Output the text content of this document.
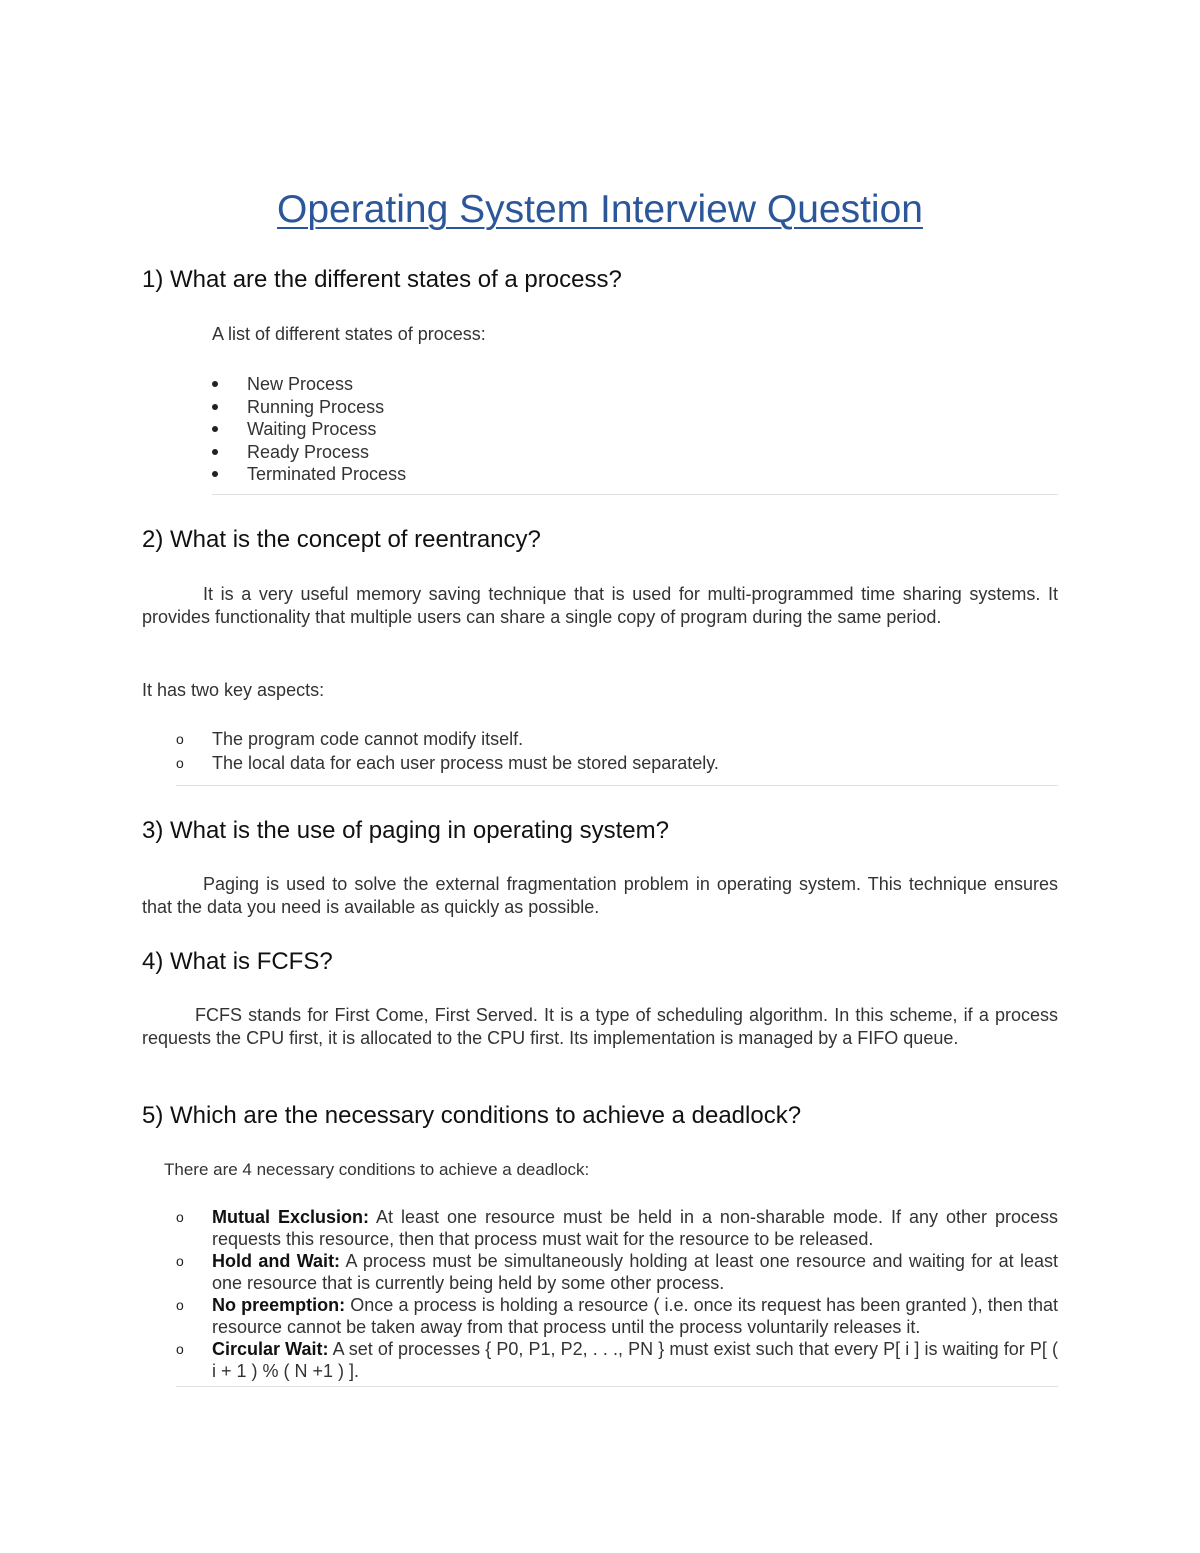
Operating System Interview Question
1) What are the different states of a process?

A list of different states of process:

New Process
Running Process
Waiting Process
Ready Process
Terminated Process
2) What is the concept of reentrancy?

It is a very useful memory saving technique that is used for multi-programmed time sharing systems. It provides functionality that multiple users can share a single copy of program during the same period.

It has two key aspects:

o The program code cannot modify itself.
o The local data for each user process must be stored separately.
3) What is the use of paging in operating system?

Paging is used to solve the external fragmentation problem in operating system. This technique ensures that the data you need is available as quickly as possible.

4) What is FCFS?

FCFS stands for First Come, First Served. It is a type of scheduling algorithm. In this scheme, if a process requests the CPU first, it is allocated to the CPU first. Its implementation is managed by a FIFO queue.

5) Which are the necessary conditions to achieve a deadlock?

There are 4 necessary conditions to achieve a deadlock:

o Mutual Exclusion: At least one resource must be held in a non-sharable mode. If any other process requests this resource, then that process must wait for the resource to be released.
o Hold and Wait: A process must be simultaneously holding at least one resource and waiting for at least one resource that is currently being held by some other process.
o No preemption: Once a process is holding a resource ( i.e. once its request has been granted ), then that resource cannot be taken away from that process until the process voluntarily releases it.
o Circular Wait: A set of processes { P0, P1, P2, . . ., PN } must exist such that every P[ i ] is waiting for P[ ( i + 1 ) % ( N +1 ) ].
